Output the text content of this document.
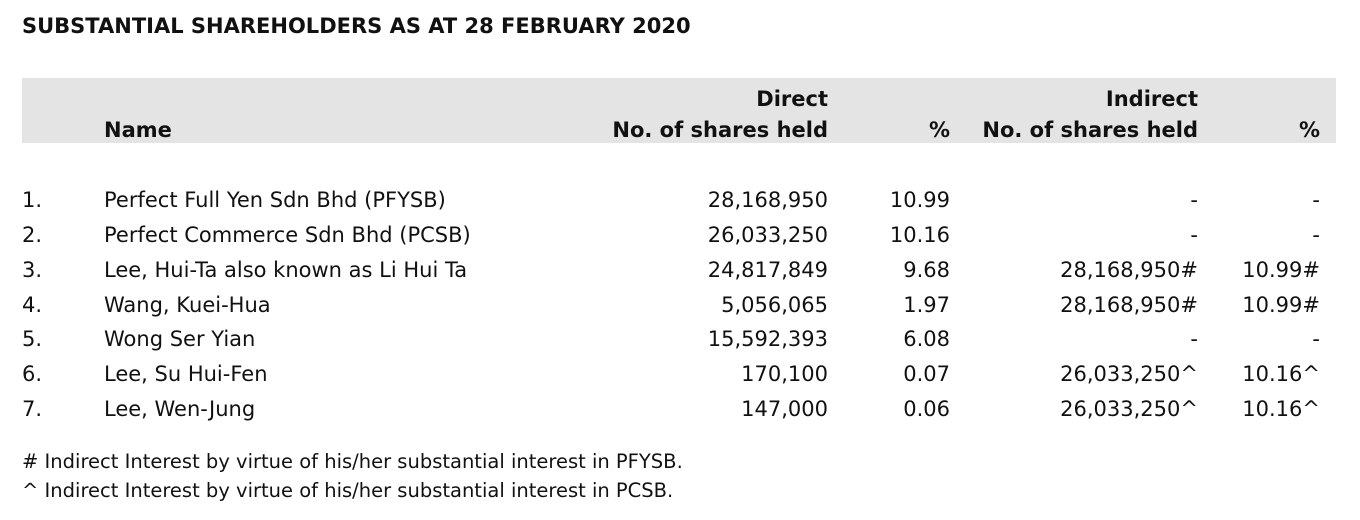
SUBSTANTIAL SHAREHOLDERS AS AT 28 FEBRUARY 2020
Name
Direct
No. of shares held	%
Indirect
No. of shares held	%
1.	Perfect Full Yen Sdn Bhd (PFYSB)	28,168,950	10.99	-	-
2.	Perfect Commerce Sdn Bhd (PCSB)	26,033,250	10.16	-	-
3.	Lee, Hui-Ta also known as Li Hui Ta	24,817,849	9.68	28,168,950#	10.99#
4.	Wang, Kuei-Hua	5,056,065	1.97	28,168,950#	10.99#
5.	Wong Ser Yian	15,592,393	6.08	-	-
6.	Lee, Su Hui-Fen	170,100	0.07	26,033,250^	10.16^
7.	Lee, Wen-Jung	147,000	0.06	26,033,250^	10.16^
# Indirect Interest by virtue of his/her substantial interest in PFYSB.
^ Indirect Interest by virtue of his/her substantial interest in PCSB.
